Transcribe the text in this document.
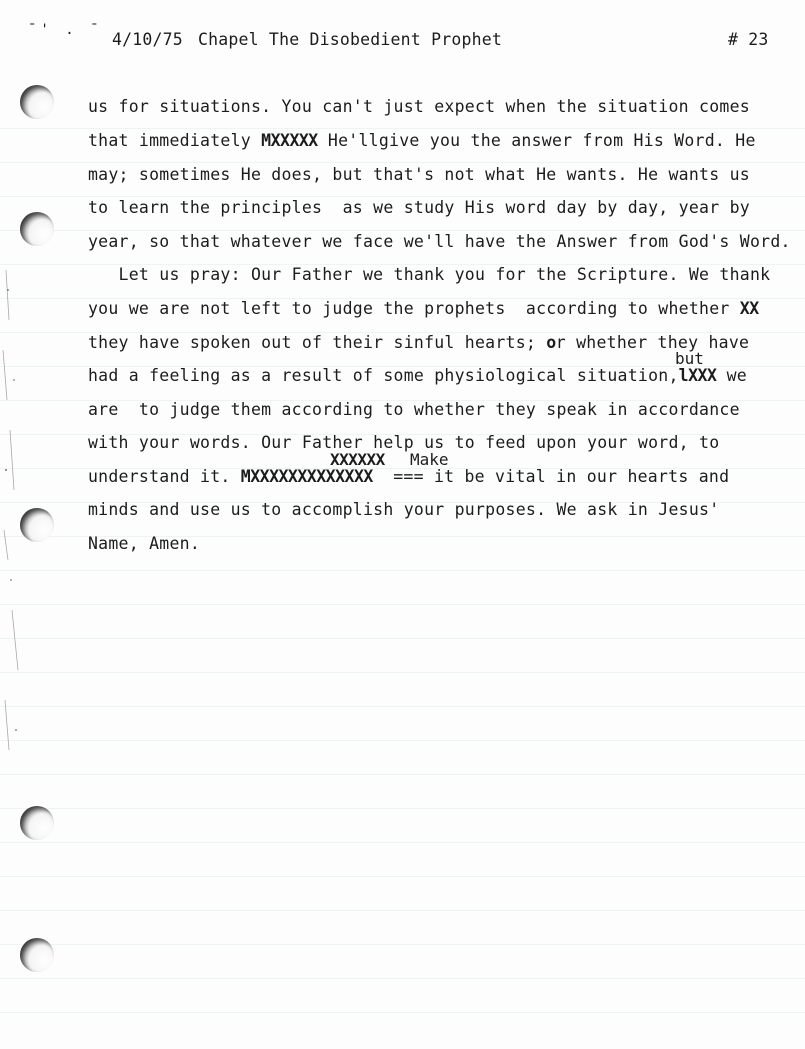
ˉ' . ˉ 4/10/75 Chapel The Disobedient Prophet	# 23
us for situations. You can't just expect when the situation comes
that immediately MXXXXX He'llgive you the answer from His Word. He
may; sometimes He does, but that's not what He wants. He wants us
to learn the principles  as we study His word day by day, year by
year, so that whatever we face we'll have the Answer from God's Word.
Let us pray: Our Father we thank you for the Scripture. We thank
you we are not left to judge the prophets  according to whether XX
they have spoken out of their sinful hearts; or whether they have
but
had a feeling as a result of some physiological situation,lXXX we
are  to judge them according to whether they speak in accordance
with your words. Our Father help us to feed upon your word, to
XXXXXX Make
understand it. MXXXXXXXXXXXXX  === it be vital in our hearts and
minds and use us to accomplish your purposes. We ask in Jesus'
Name, Amen.
